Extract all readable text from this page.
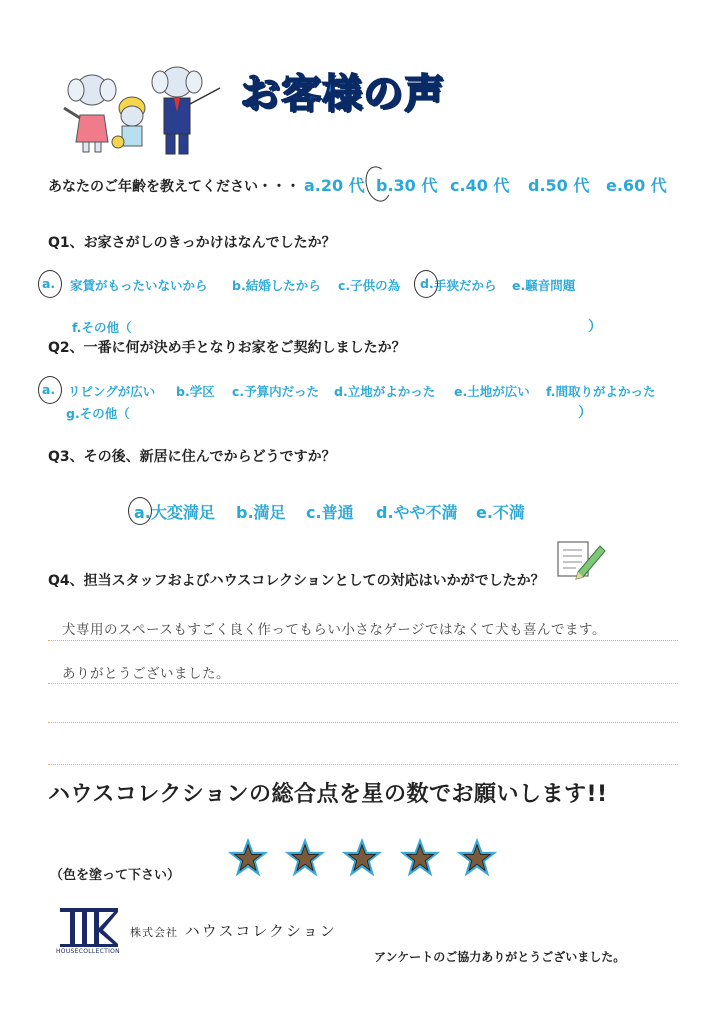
お客様の声
あなたのご年齢を教えてください・・・ a.20 代 b.30 代 c.40 代 d.50 代 e.60 代
Q1、お家さがしのきっかけはなんでしたか？
a. 家賃がもったいないから b.結婚したから c.子供の為 d. 手狭だから e.騒音問題
f.その他（	）
Q2、一番に何が決め手となりお家をご契約しましたか？
a. リビングが広い b.学区 c.予算内だった d.立地がよかった e.土地が広い f.間取りがよかった
g.その他（	）
Q3、その後、新居に住んでからどうですか？
a.大変満足 b.満足 c.普通 d.やや不満 e.不満
Q4、担当スタッフおよびハウスコレクションとしての対応はいかがでしたか？
犬専用のスペースもすごく良く作ってもらい小さなゲージではなくて犬も喜んでます。
ありがとうございました。
ハウスコレクションの総合点を星の数でお願いします!!
（色を塗って下さい）
HOUSECOLLECTION
株式会社 ハウスコレクション
アンケートのご協力ありがとうございました。
